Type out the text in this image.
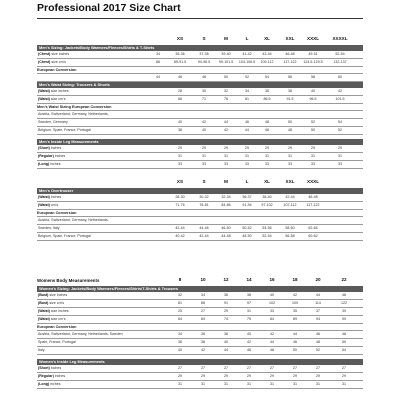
Professional 2017 Size Chart
XS	S	M	L	XL	XXL	XXXL	XXXXL
Men's Sizing: Jackets/Body Warmers/Fleeces/Shirts & T-Shirts
(Chest) size inches	34	35-36	37-38	39-40	41-42	43-44	46-48	49-51	52-54
(Chest) size cm's	86	89-91.5	94-96.5	99-101.5	104-106.5	109-112	117-122	124.5-129.5	132-137
European Conversion
44	46	48	50	52	54	56	58	60
Men's Waist Sizing: Trousers & Shorts
(Waist) size inches	28	30	32	34	36	38	40	42
(Waist) size cm's	66	71	76	81	86.5	91.5	96.5	101.5
Men's Waist Sizing European Conversion
Austria, Switzerland, Germany, Netherlands,
Sweden, Germany	40	42	44	46	48	50	52	54
Belgium, Spain, France, Portugal	38	40	42	44	46	48	50	52
Men's Inside Leg Measurements
(Short) inches	29	29	29	29	29	29	29	29
(Regular) inches	31	31	31	31	31	31	31	31
(Long) inches	33	33	33	33	33	33	33	33
XS	S	M	L	XL	XXL	XXXL
Men's Overtrouser
(Waist) inches	28-30	30-32	32-34	36-37	38-40	42-44	46-48
(Waist) cm's	71-76	76-81	84-86	91-94	97-102	107-112	117-122
European Conversion
Austria, Switzerland, Germany, Netherlands,
Sweden, Italy	42-44	44-46	46-50	50-52	54-56	58-60	62-64
Belgium, Spain, France, Portugal	40-42	42-44	44-48	48-50	52-54	56-58	60-62
Womens Body Measurements	8	10	12	14	16	18	20	22
Women's Sizing: Jackets/Body Warmers/Fleeces/Shirts/T-Shirts & Trousers
(Bust) size inches	32	34	36	38	40	42	44	46
(Bust) size cm's	81	86	91	97	102	109	114	122
(Waist) size inches	25	27	29	31	33	35	37	39
(Waist) size cm's	64	69	74	79	84	89	94	99
European Conversion
Austria, Switzerland, Germany, Netherlands, Sweden	34	36	38	40	42	44	46	48
Spain, France, Portugal	36	38	40	42	44	46	48	50
Italy	40	42	44	46	48	50	52	54
Women's Inside Leg Measurements
(Short) inches	27	27	27	27	27	27	27	27
(Regular) inches	29	29	29	29	29	29	29	29
(Long) inches	31	31	31	31	31	31	31	31
